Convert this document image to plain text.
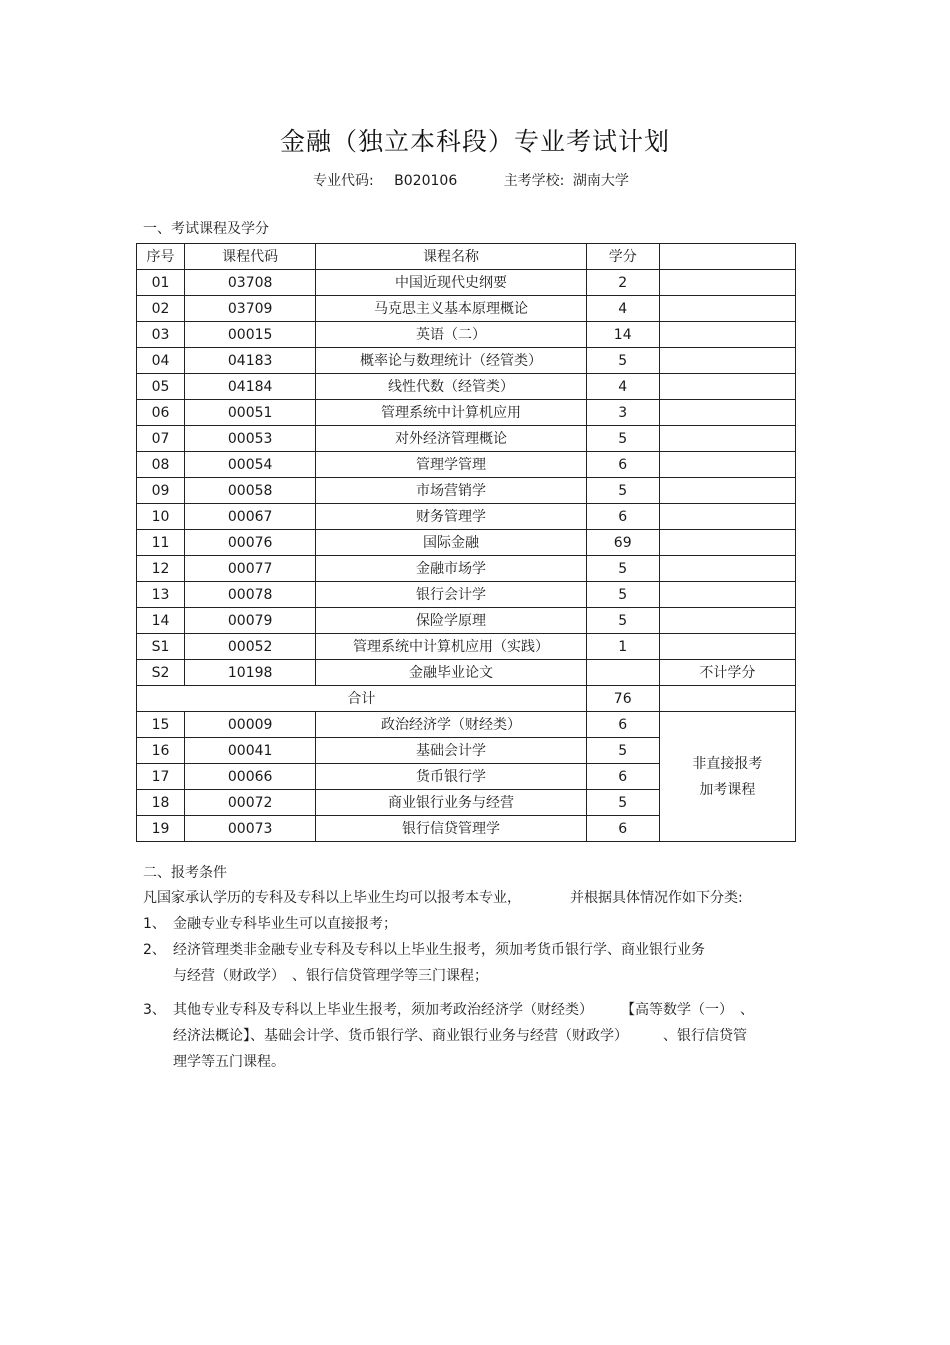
金融（独立本科段）专业考试计划
专业代码: B020106	主考学校: 湖南大学
一、考试课程及学分
序号	课程代码	课程名称	学分	
01	03708	中国近现代史纲要	2	
02	03709	马克思主义基本原理概论	4	
03	00015	英语（二）	14	
04	04183	概率论与数理统计（经管类）	5	
05	04184	线性代数（经管类）	4	
06	00051	管理系统中计算机应用	3	
07	00053	对外经济管理概论	5	
08	00054	管理学管理	6	
09	00058	市场营销学	5	
10	00067	财务管理学	6	
11	00076	国际金融	69	
12	00077	金融市场学	5	
13	00078	银行会计学	5	
14	00079	保险学原理	5	
S1	00052	管理系统中计算机应用（实践）	1	
S2	10198	金融毕业论文		不计学分
合计			76	
15	00009	政治经济学（财经类）	6	非直接报考
加考课程

16	00041	基础会计学	5	
17	00066	货币银行学	6	
18	00072	商业银行业务与经营	5	
19	00073	银行信贷管理学	6	
二、报考条件
凡国家承认学历的专科及专科以上毕业生均可以报考本专业，　　　　并根据具体情况作如下分类:
1、 金融专业专科毕业生可以直接报考；
2、 经济管理类非金融专业专科及专科以上毕业生报考，须加考货币银行学、商业银行业务
与经营（财政学）　、银行信贷管理学等三门课程；
3、 其他专业专科及专科以上毕业生报考，须加考政治经济学（财经类）　　　【高等数学（一）　、
经济法概论】、基础会计学、货币银行学、商业银行业务与经营（财政学）　　　、银行信贷管
理学等五门课程。
